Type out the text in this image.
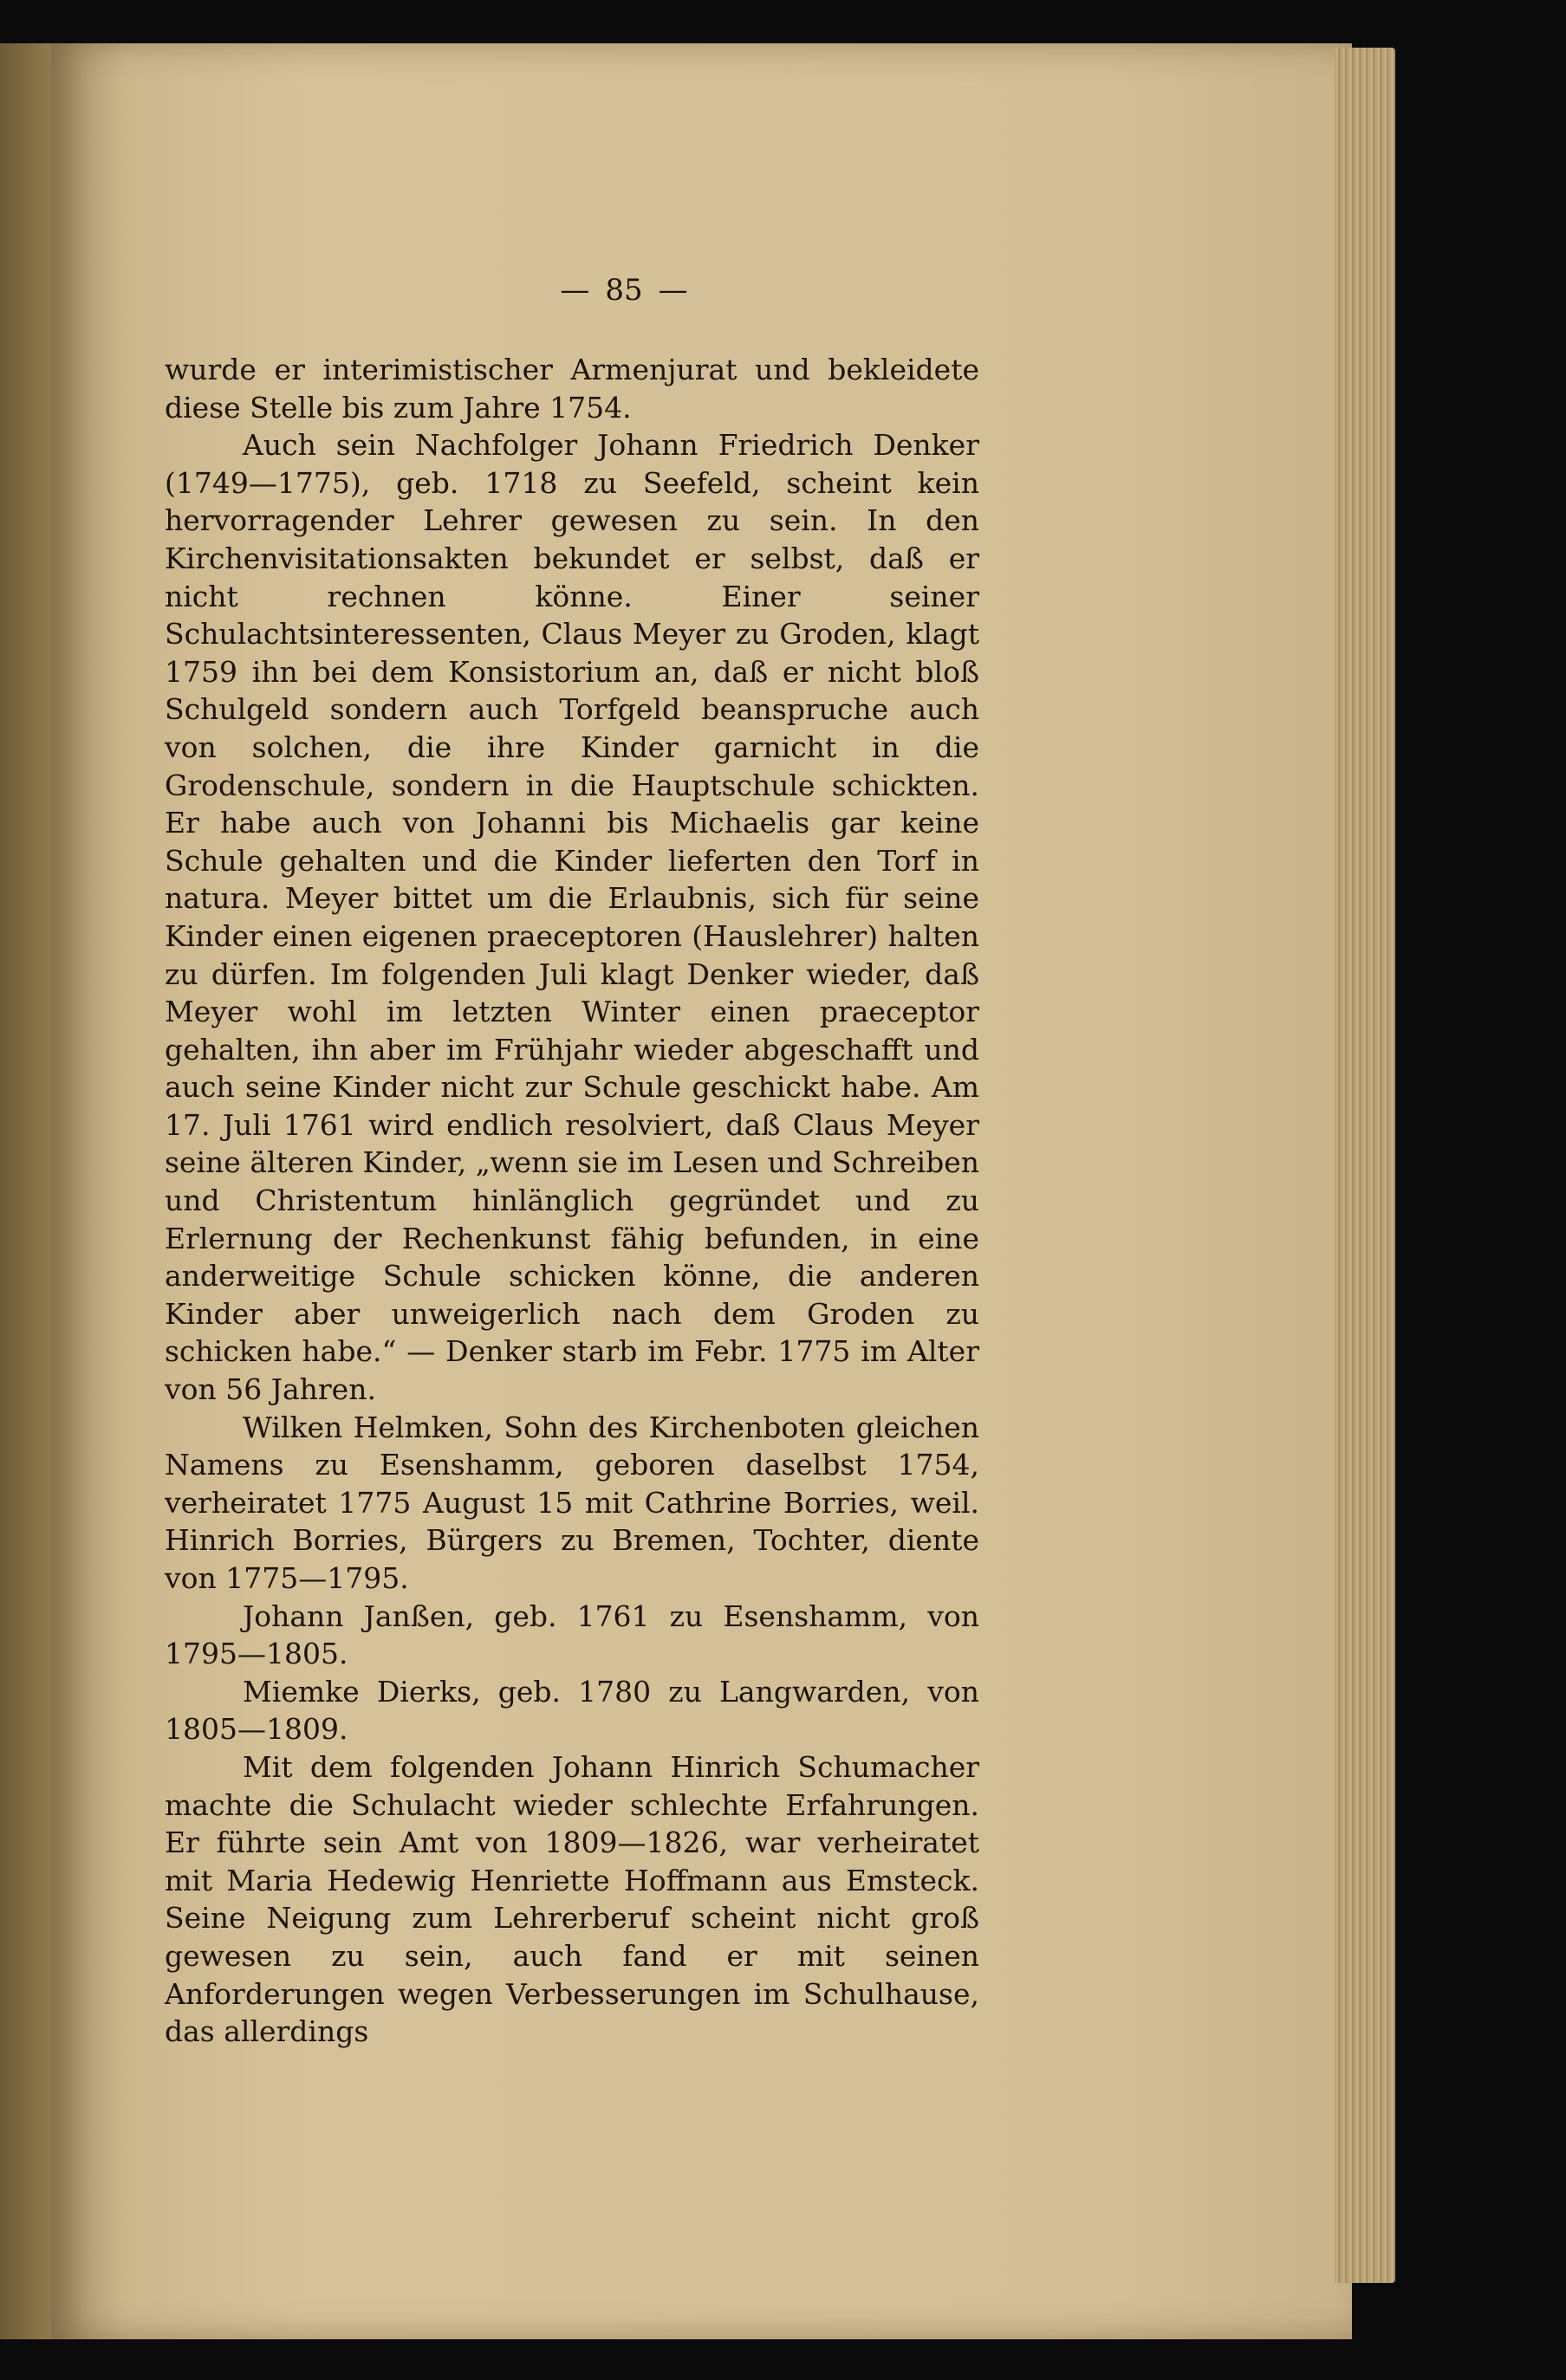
— 85 —

wurde er interimistischer Armenjurat und bekleidete diese Stelle bis zum Jahre 1754.

Auch sein Nachfolger Johann Friedrich Denker (1749—1775), geb. 1718 zu Seefeld, scheint kein hervorragender Lehrer gewesen zu sein. In den Kirchenvisitationsakten bekundet er selbst, daß er nicht rechnen könne. Einer seiner Schulachtsinteressenten, Claus Meyer zu Groden, klagt 1759 ihn bei dem Konsistorium an, daß er nicht bloß Schulgeld sondern auch Torfgeld beanspruche auch von solchen, die ihre Kinder garnicht in die Grodenschule, sondern in die Hauptschule schickten. Er habe auch von Johanni bis Michaelis gar keine Schule gehalten und die Kinder lieferten den Torf in natura. Meyer bittet um die Erlaubnis, sich für seine Kinder einen eigenen praeceptoren (Hauslehrer) halten zu dürfen. Im folgenden Juli klagt Denker wieder, daß Meyer wohl im letzten Winter einen praeceptor gehalten, ihn aber im Frühjahr wieder abgeschafft und auch seine Kinder nicht zur Schule geschickt habe. Am 17. Juli 1761 wird endlich resolviert, daß Claus Meyer seine älteren Kinder, „wenn sie im Lesen und Schreiben und Christentum hinlänglich gegründet und zu Erlernung der Rechenkunst fähig befunden, in eine anderweitige Schule schicken könne, die anderen Kinder aber unweigerlich nach dem Groden zu schicken habe.“ — Denker starb im Febr. 1775 im Alter von 56 Jahren.

Wilken Helmken, Sohn des Kirchenboten gleichen Namens zu Esenshamm, geboren daselbst 1754, verheiratet 1775 August 15 mit Cathrine Borries, weil. Hinrich Borries, Bürgers zu Bremen, Tochter, diente von 1775—1795.

Johann Janßen, geb. 1761 zu Esenshamm, von 1795—1805.

Miemke Dierks, geb. 1780 zu Langwarden, von 1805—1809.

Mit dem folgenden Johann Hinrich Schumacher machte die Schulacht wieder schlechte Erfahrungen. Er führte sein Amt von 1809—1826, war verheiratet mit Maria Hedewig Henriette Hoffmann aus Emsteck. Seine Neigung zum Lehrerberuf scheint nicht groß gewesen zu sein, auch fand er mit seinen Anforderungen wegen Verbesserungen im Schulhause, das allerdings
